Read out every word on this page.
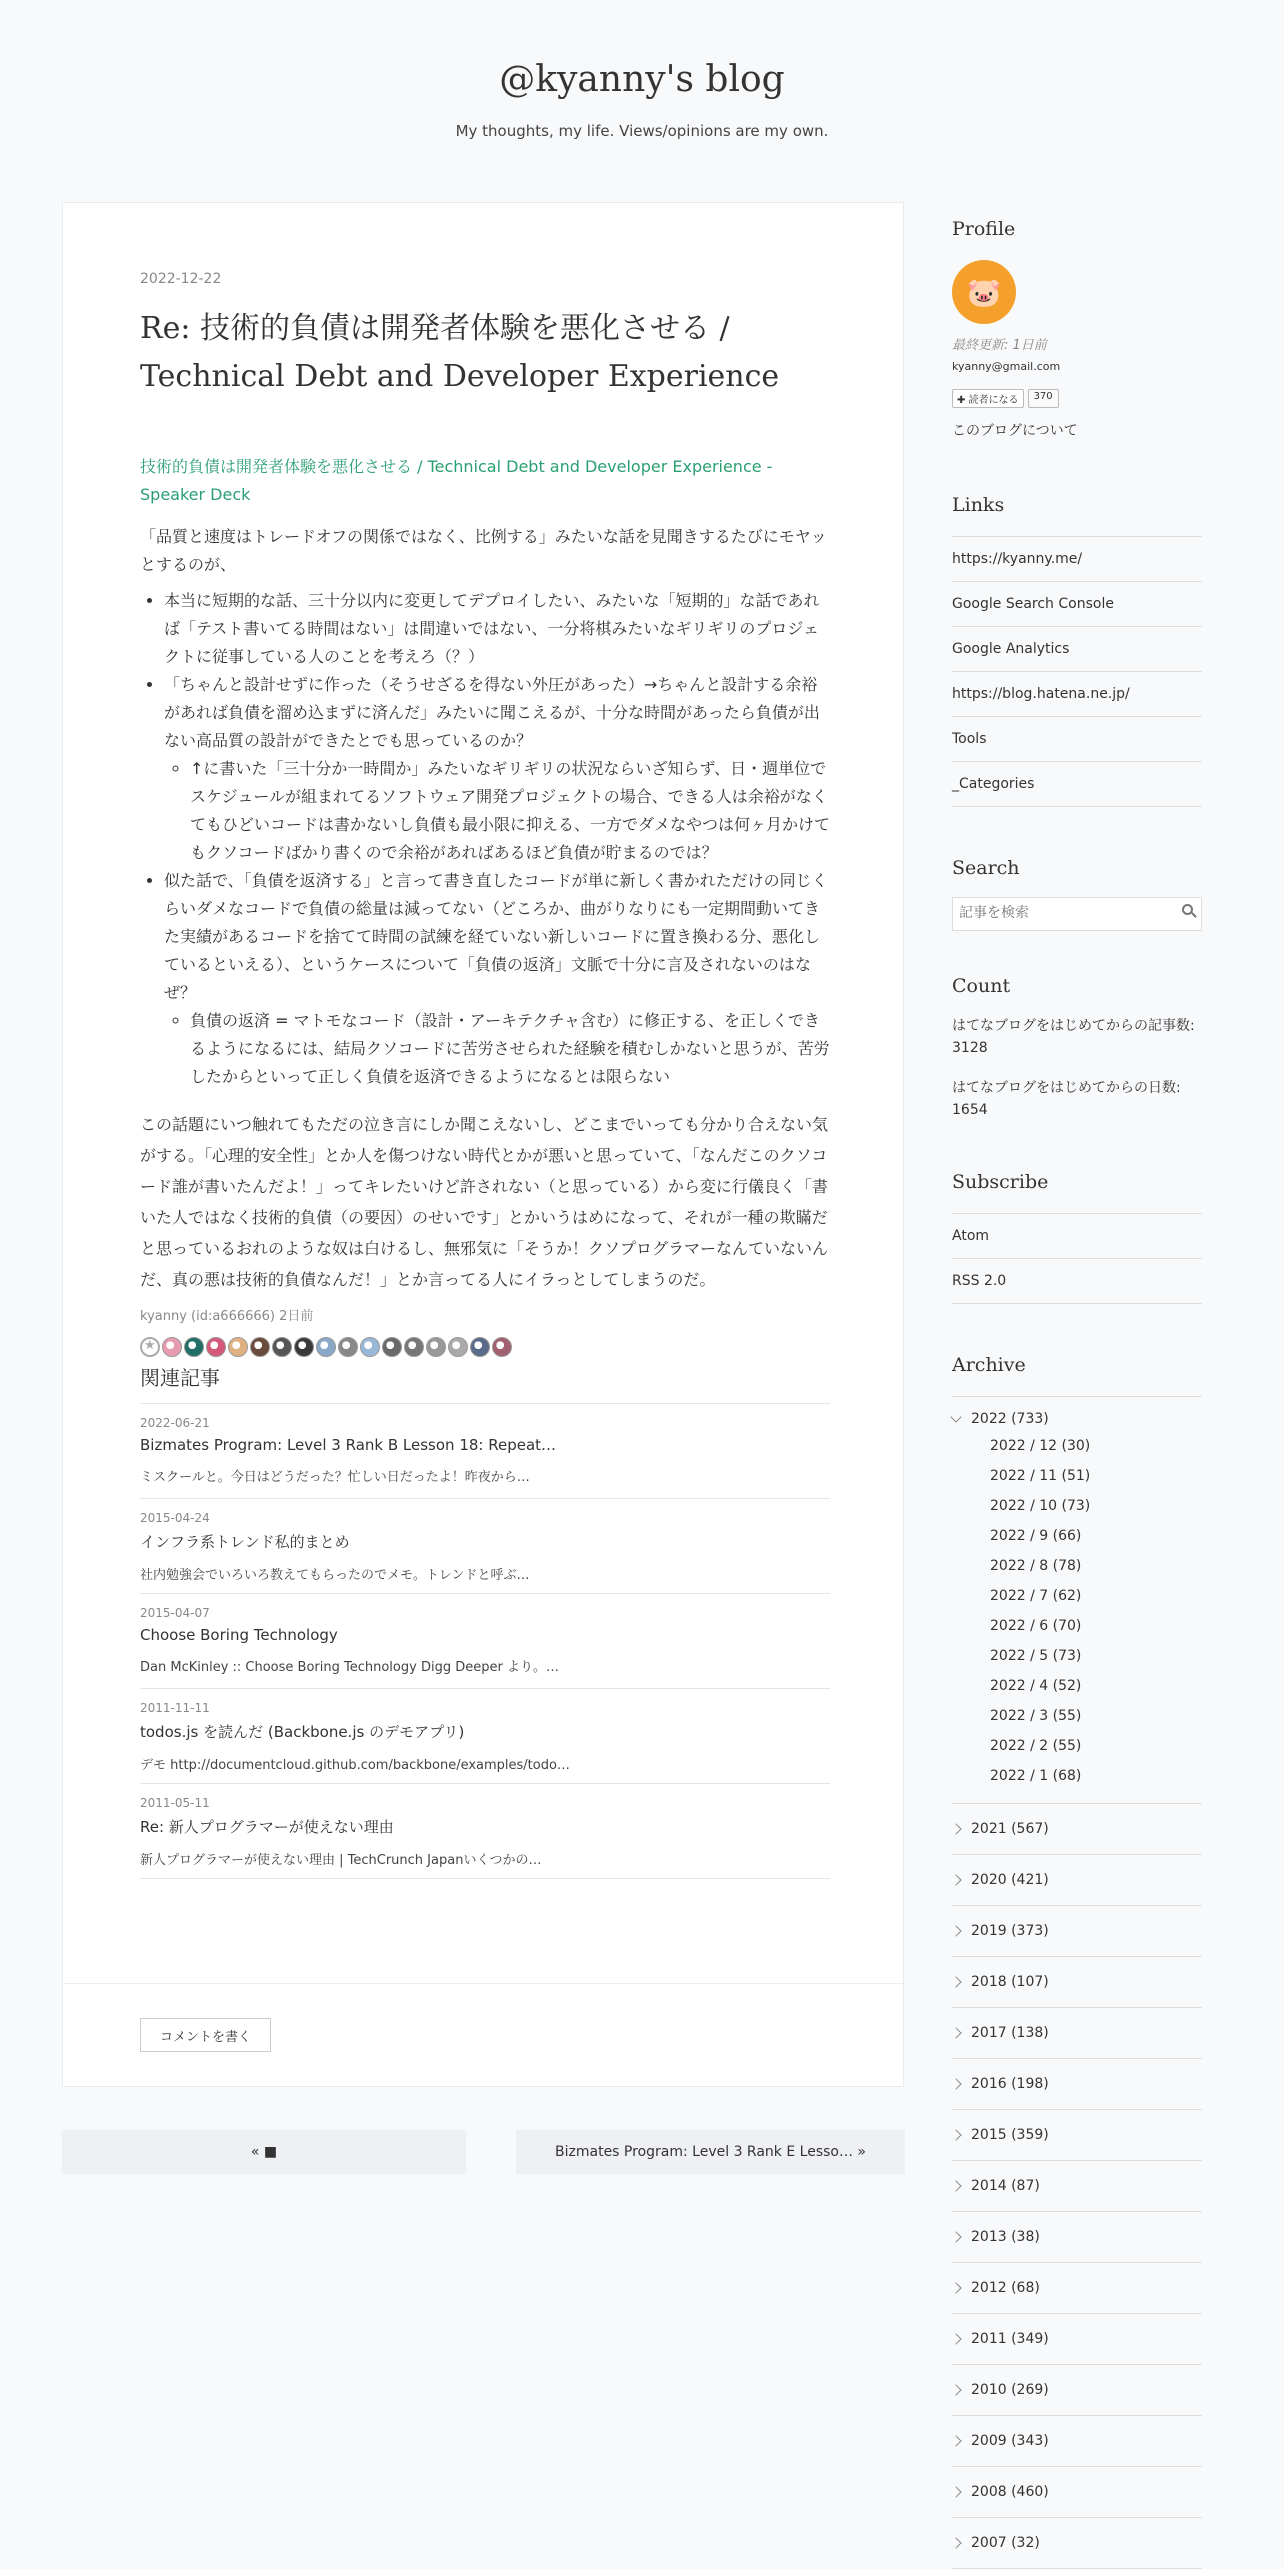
@kyanny's blog
My thoughts, my life. Views/opinions are my own.
2022-12-22
Re: 技術的負債は開発者体験を悪化させる / Technical Debt and Developer Experience
技術的負債は開発者体験を悪化させる / Technical Debt and Developer Experience - Speaker Deck

「品質と速度はトレードオフの関係ではなく、比例する」みたいな話を見聞きするたびにモヤッとするのが、

• 本当に短期的な話、三十分以内に変更してデプロイしたい、みたいな「短期的」な話であれば「テスト書いてる時間はない」は間違いではない、一分将棋みたいなギリギリのプロジェクトに従事している人のことを考えろ（？）
• 「ちゃんと設計せずに作った（そうせざるを得ない外圧があった）→ちゃんと設計する余裕があれば負債を溜め込まずに済んだ」みたいに聞こえるが、十分な時間があったら負債が出ない高品質の設計ができたとでも思っているのか？
◦ ↑に書いた「三十分か一時間か」みたいなギリギリの状況ならいざ知らず、日・週単位でスケジュールが組まれてるソフトウェア開発プロジェクトの場合、できる人は余裕がなくてもひどいコードは書かないし負債も最小限に抑える、一方でダメなやつは何ヶ月かけてもクソコードばかり書くので余裕があればあるほど負債が貯まるのでは？
• 似た話で、「負債を返済する」と言って書き直したコードが単に新しく書かれただけの同じくらいダメなコードで負債の総量は減ってない（どころか、曲がりなりにも一定期間動いてきた実績があるコードを捨てて時間の試練を経ていない新しいコードに置き換わる分、悪化しているといえる）、というケースについて「負債の返済」文脈で十分に言及されないのはなぜ？
◦ 負債の返済 = マトモなコード（設計・アーキテクチャ含む）に修正する、を正しくできるようになるには、結局クソコードに苦労させられた経験を積むしかないと思うが、苦労したからといって正しく負債を返済できるようになるとは限らない

この話題にいつ触れてもただの泣き言にしか聞こえないし、どこまでいっても分かり合えない気がする。「心理的安全性」とか人を傷つけない時代とかが悪いと思っていて、「なんだこのクソコード誰が書いたんだよ！」ってキレたいけど許されない（と思っている）から変に行儀良く「書いた人ではなく技術的負債（の要因）のせいです」とかいうはめになって、それが一種の欺瞞だと思っているおれのような奴は白けるし、無邪気に「そうか！クソプログラマーなんていないんだ、真の悪は技術的負債なんだ！」とか言ってる人にイラっとしてしまうのだ。

kyanny (id:a666666) 2日前
★
関連記事
2022-06-21
Bizmates Program: Level 3 Rank B Lesson 18: Repeat…
ミスクールと。今日はどうだった？忙しい日だったよ！昨夜から…
2015-04-24
インフラ系トレンド私的まとめ
社内勉強会でいろいろ教えてもらったのでメモ。トレンドと呼ぶ…
2015-04-07
Choose Boring Technology
Dan McKinley :: Choose Boring Technology Digg Deeper より。…
2011-11-11
todos.js を読んだ (Backbone.js のデモアプリ)
デモ http://documentcloud.github.com/backbone/examples/todo…
2011-05-11
Re: 新人プログラマーが使えない理由
新人プログラマーが使えない理由 | TechCrunch Japanいくつかの…
コメントを書く
« ■	Bizmates Program: Level 3 Rank E Lesso… »
Profile
🐷
最終更新: 1日前
kyanny@gmail.com
✚ 読者になる	370
このブログについて
Links
https://kyanny.me/
Google Search Console
Google Analytics
https://blog.hatena.ne.jp/
Tools
_Categories
Search
記事を検索
Count
はてなブログをはじめてからの記事数: 3128
はてなブログをはじめてからの日数: 1654
Subscribe
Atom
RSS 2.0
Archive
2022 (733)
2022 / 12 (30)
2022 / 11 (51)
2022 / 10 (73)
2022 / 9 (66)
2022 / 8 (78)
2022 / 7 (62)
2022 / 6 (70)
2022 / 5 (73)
2022 / 4 (52)
2022 / 3 (55)
2022 / 2 (55)
2022 / 1 (68)
2021 (567)
2020 (421)
2019 (373)
2018 (107)
2017 (138)
2016 (198)
2015 (359)
2014 (87)
2013 (38)
2012 (68)
2011 (349)
2010 (269)
2009 (343)
2008 (460)
2007 (32)
